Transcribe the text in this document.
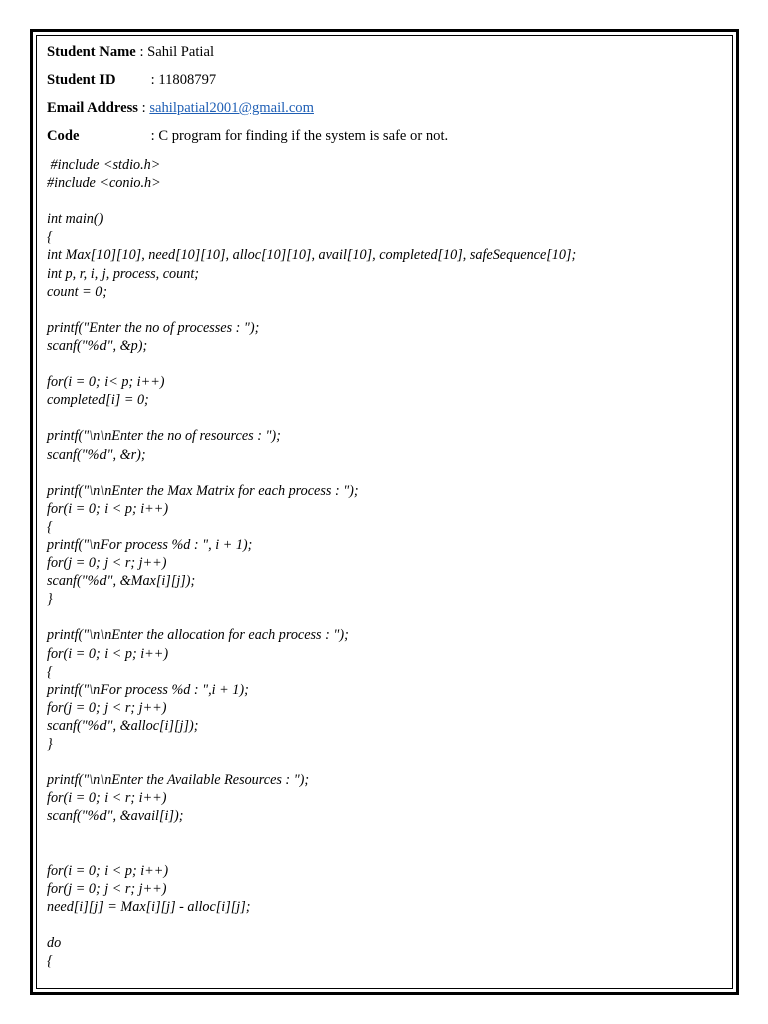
Student Name : Sahil Patial
Student ID : 11808797
Email Address : sahilpatial2001@gmail.com
Code	: C program for finding if the system is safe or not.
#include <stdio.h>
#include <conio.h>
int main()
{
int Max[10][10], need[10][10], alloc[10][10], avail[10], completed[10], safeSequence[10];
int p, r, i, j, process, count;
count = 0;
printf("Enter the no of processes : ");
scanf("%d", &p);
for(i = 0; i< p; i++)
completed[i] = 0;
printf("\n\nEnter the no of resources : ");
scanf("%d", &r);
printf("\n\nEnter the Max Matrix for each process : ");
for(i = 0; i < p; i++)
{
printf("\nFor process %d : ", i + 1);
for(j = 0; j < r; j++)
scanf("%d", &Max[i][j]);
}
printf("\n\nEnter the allocation for each process : ");
for(i = 0; i < p; i++)
{
printf("\nFor process %d : ",i + 1);
for(j = 0; j < r; j++)
scanf("%d", &alloc[i][j]);
}
printf("\n\nEnter the Available Resources : ");
for(i = 0; i < r; i++)
scanf("%d", &avail[i]);
for(i = 0; i < p; i++)
for(j = 0; j < r; j++)
need[i][j] = Max[i][j] - alloc[i][j];
do
{
